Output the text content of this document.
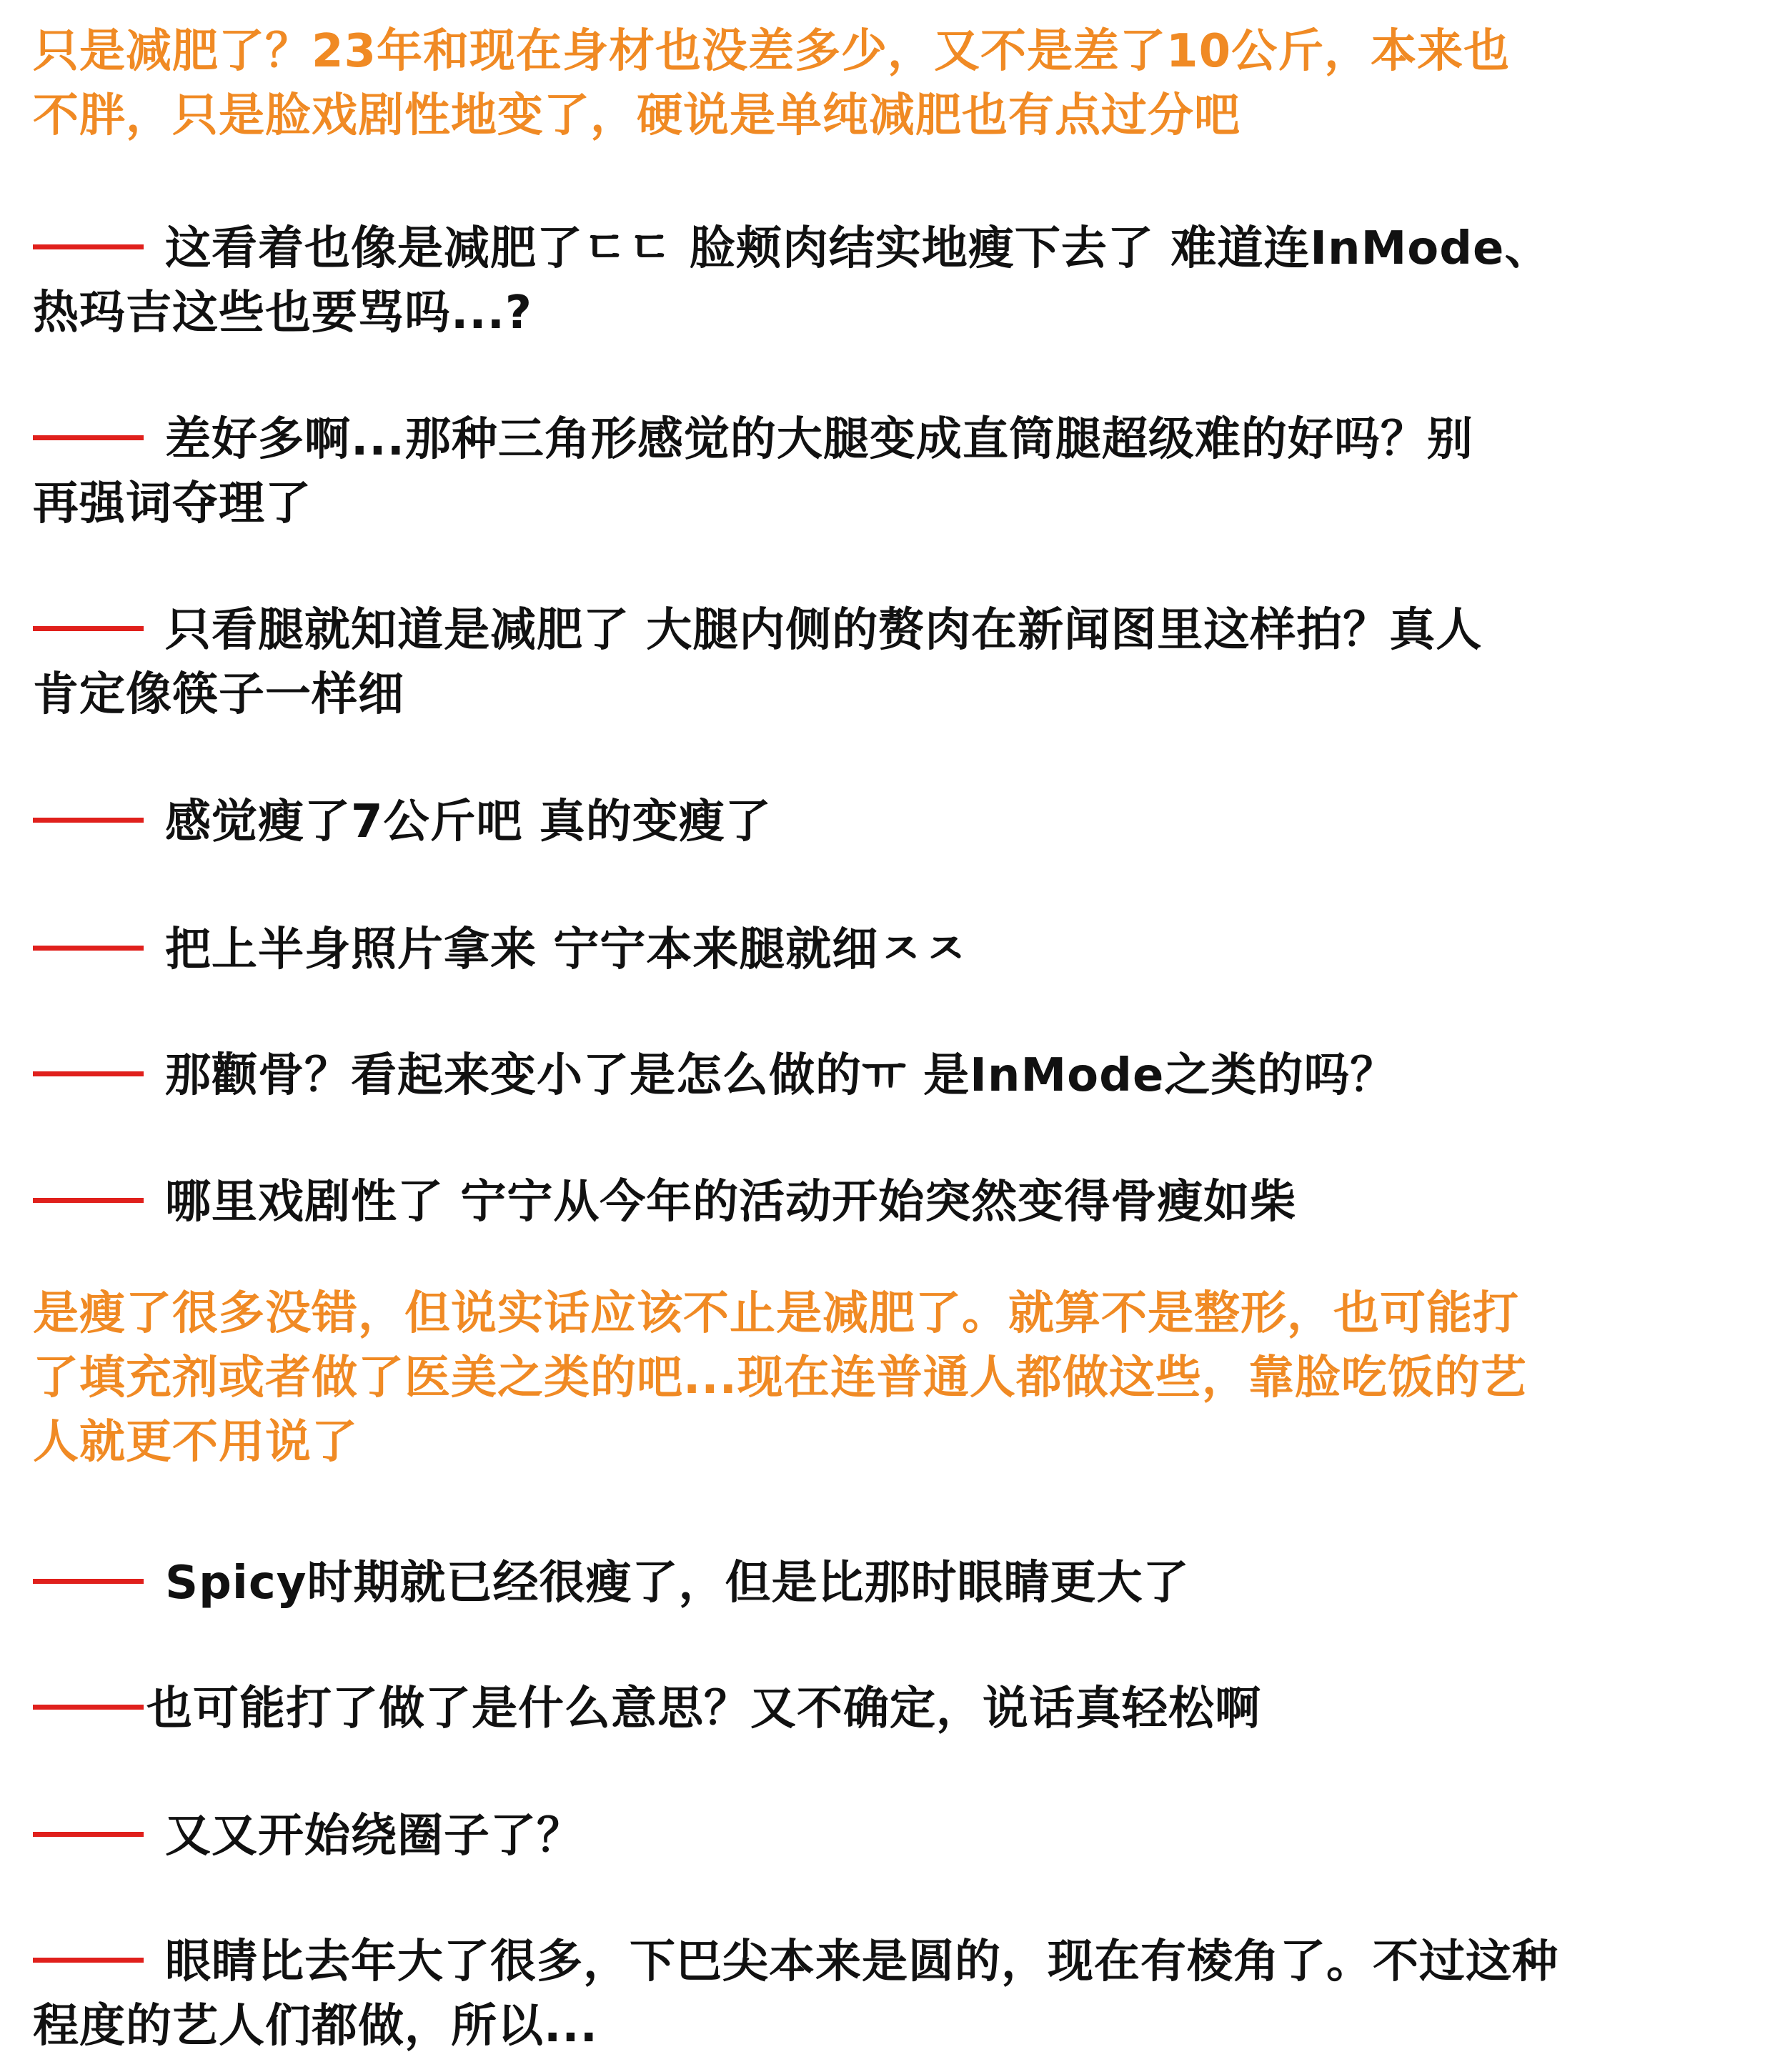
只是减肥了？23年和现在身材也没差多少，又不是差了10公斤，本来也
不胖，只是脸戏剧性地变了，硬说是单纯减肥也有点过分吧
这看着也像是减肥了ㄷㄷ 脸颊肉结实地瘦下去了 难道连InMode、
热玛吉这些也要骂吗...?
差好多啊...那种三角形感觉的大腿变成直筒腿超级难的好吗？别
再强词夺理了
只看腿就知道是减肥了 大腿内侧的赘肉在新闻图里这样拍？真人
肯定像筷子一样细
感觉瘦了7公斤吧 真的变瘦了
把上半身照片拿来 宁宁本来腿就细ㅈㅈ
那颧骨？看起来变小了是怎么做的ㅠ 是InMode之类的吗？
哪里戏剧性了 宁宁从今年的活动开始突然变得骨瘦如柴
是瘦了很多没错，但说实话应该不止是减肥了。就算不是整形，也可能打
了填充剂或者做了医美之类的吧...现在连普通人都做这些，靠脸吃饭的艺
人就更不用说了
Spicy时期就已经很瘦了，但是比那时眼睛更大了
也可能打了做了是什么意思？又不确定，说话真轻松啊
又又开始绕圈子了？
眼睛比去年大了很多，下巴尖本来是圆的，现在有棱角了。不过这种
程度的艺人们都做，所以...
